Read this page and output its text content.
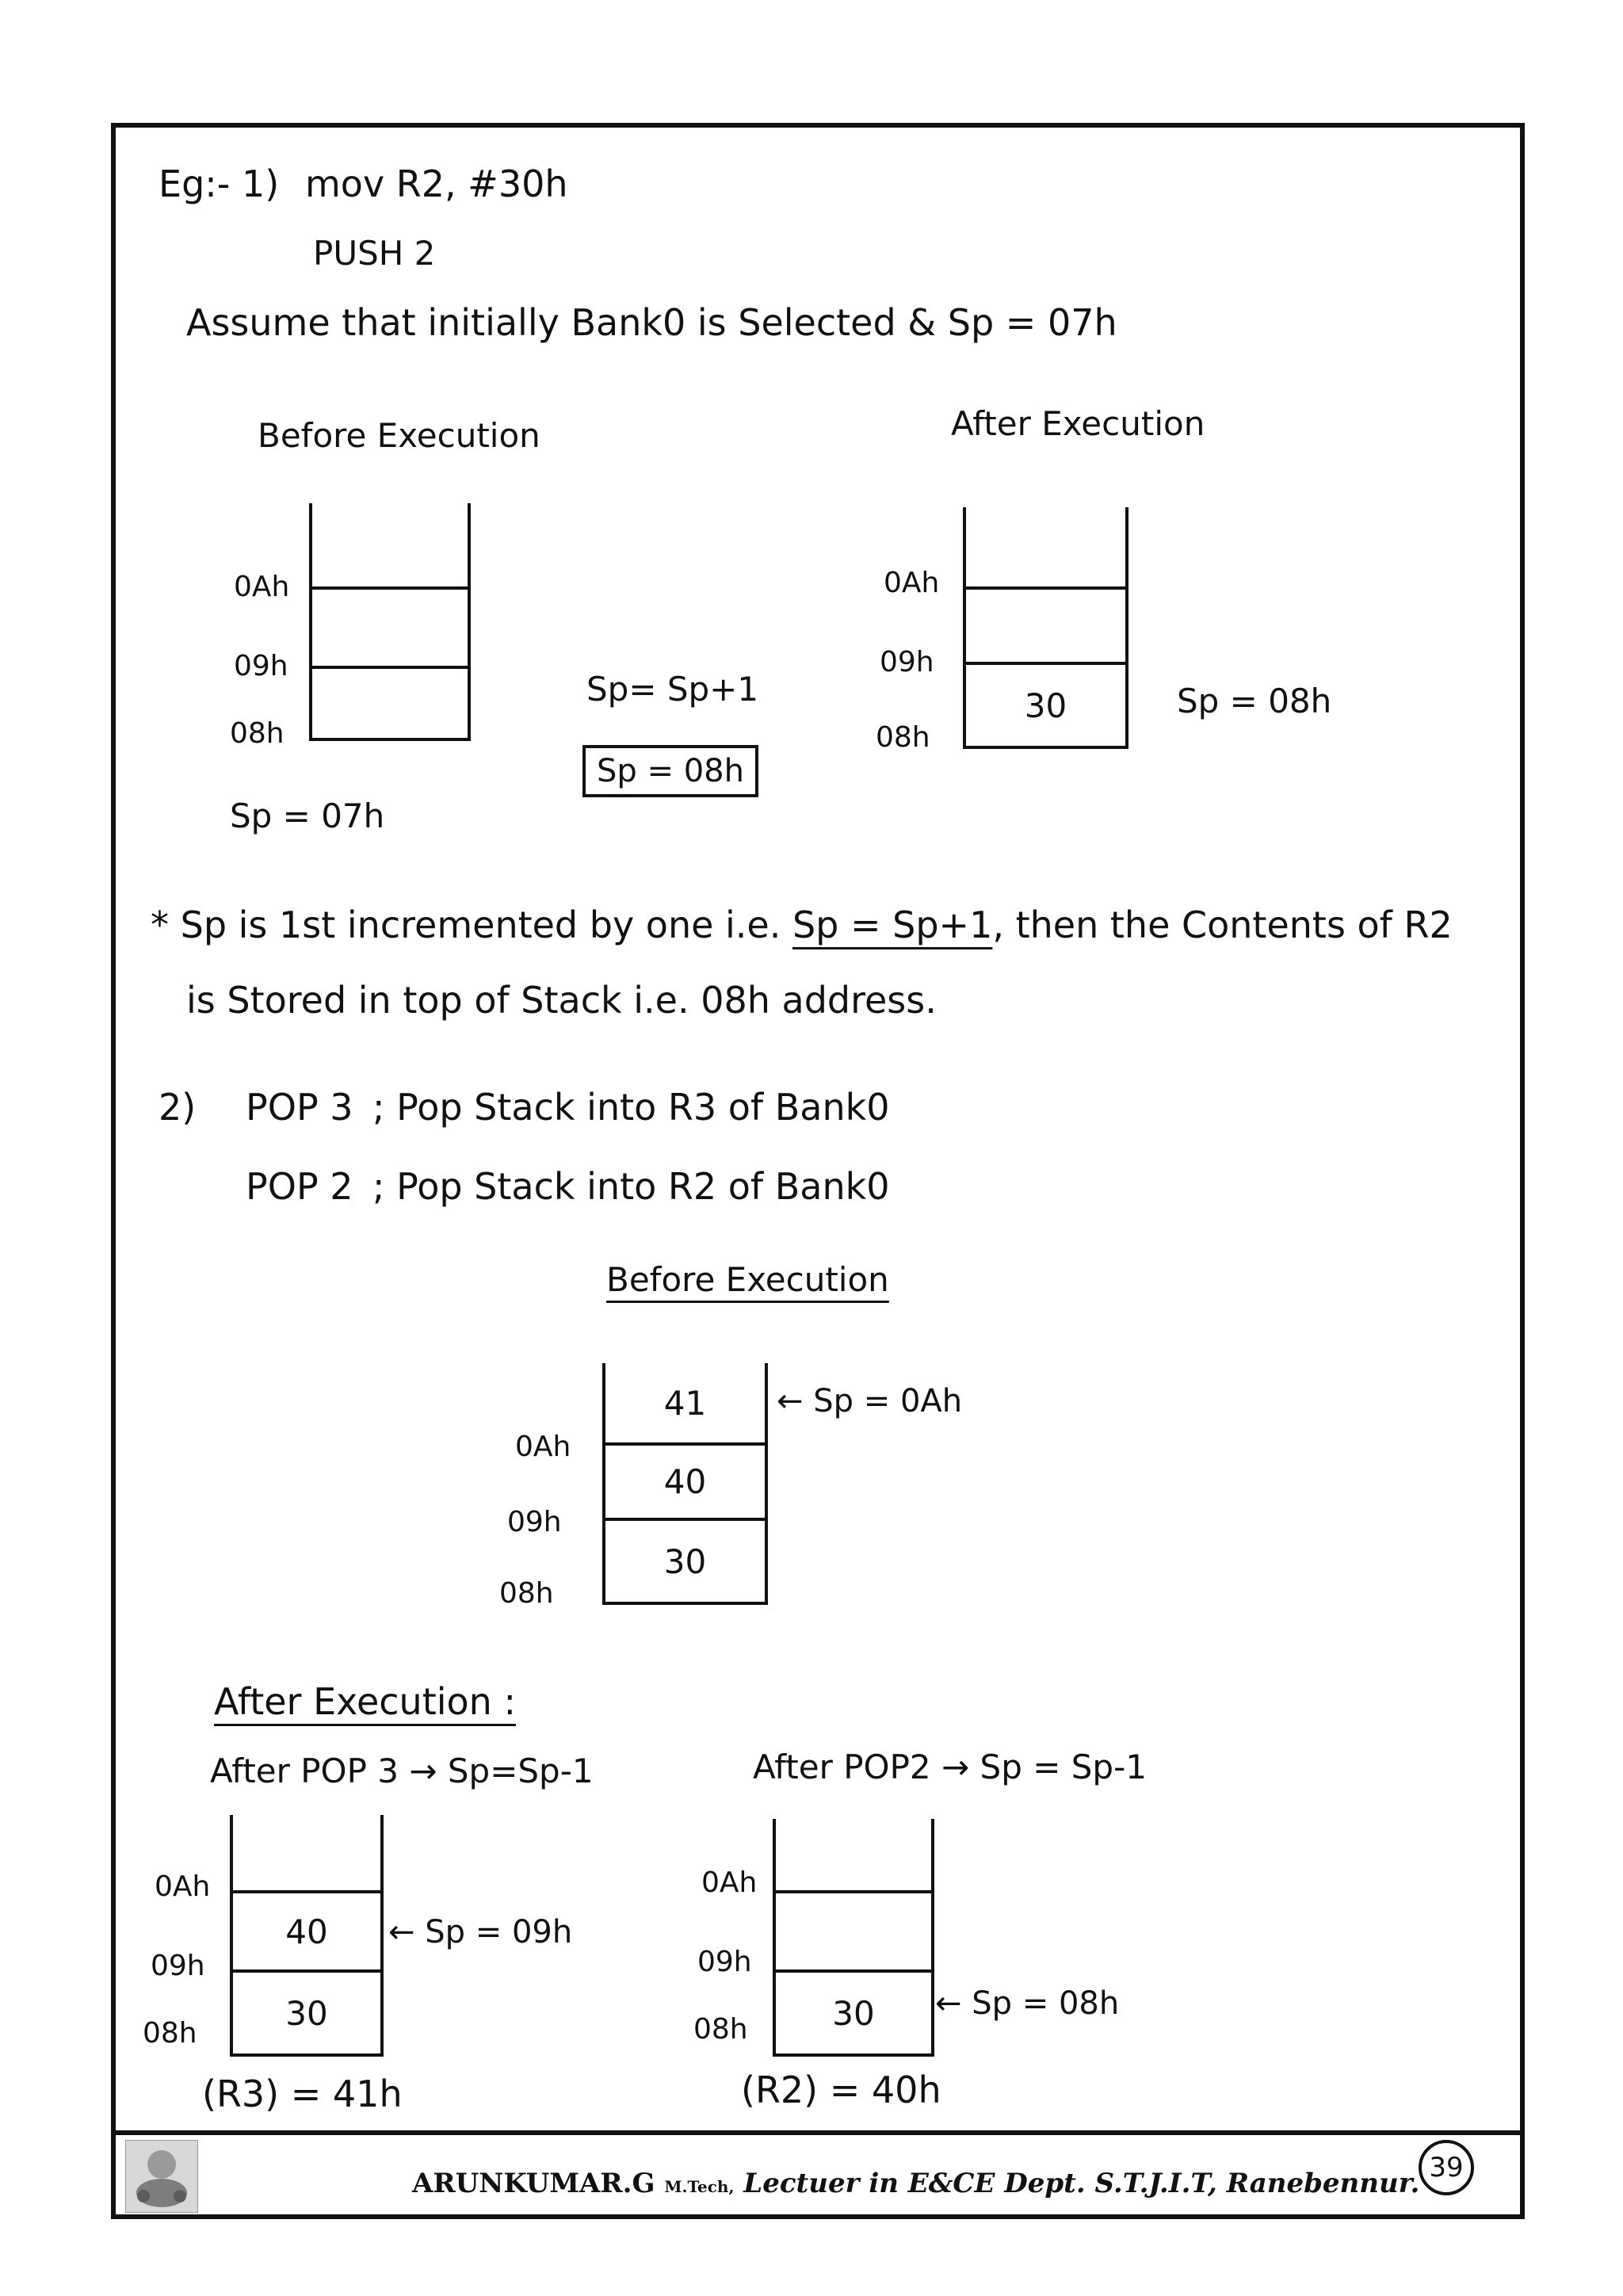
Eg:- 1) mov R2, #30h
PUSH 2
Assume that initially Bank0 is Selected & Sp = 07h
Before Execution	After Execution
0Ah
09h
08h
Sp = 07h
Sp= Sp+1
Sp = 08h
30
0Ah
09h
08h
Sp = 08h
* Sp is 1st incremented by one i.e. Sp = Sp+1, then the Contents of R2
is Stored in top of Stack i.e. 08h address.
2) POP 3 ; Pop Stack into R3 of Bank0
POP 2 ; Pop Stack into R2 of Bank0
Before Execution
41
40
30
0Ah
09h
08h
← Sp = 0Ah
After Execution :
After POP 3 → Sp=Sp-1	After POP2 → Sp = Sp-1
40
30
0Ah
09h
08h
← Sp = 09h
(R3) = 41h
30
0Ah
09h
08h
← Sp = 08h
(R2) = 40h
ARUNKUMAR.G M.Tech, Lectuer in E&CE Dept. S.T.J.I.T, Ranebennur. 39
